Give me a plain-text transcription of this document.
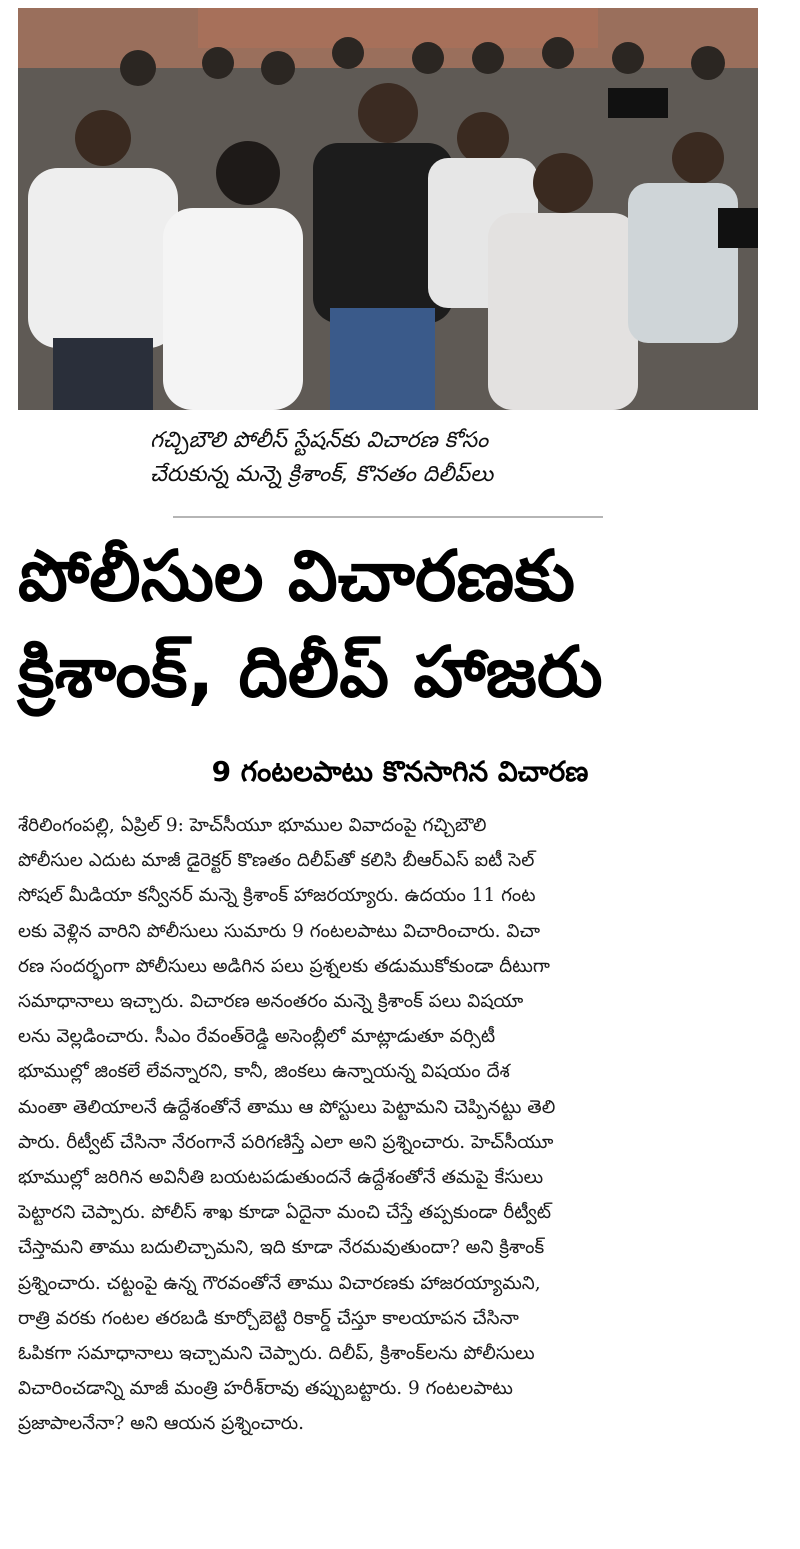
గచ్చిబౌలి పోలీస్ స్టేషన్‌కు విచారణ కోసం
చేరుకున్న మన్నె క్రిశాంక్, కొనతం దిలీప్‌లు
పోలీసుల విచారణకు
క్రిశాంక్, దిలీప్ హాజరు
9 గంటలపాటు కొనసాగిన విచారణ
శేరిలింగంపల్లి, ఏప్రిల్ 9: హెచ్‌సీయూ భూముల వివాదంపై గచ్చిబౌలి
పోలీసుల ఎదుట మాజీ డైరెక్టర్ కొణతం దిలీప్‌తో కలిసి బీఆర్‌ఎస్ ఐటీ సెల్
సోషల్ మీడియా కన్వీనర్ మన్నె క్రిశాంక్ హాజరయ్యారు. ఉదయం 11 గంట
లకు వెళ్లిన వారిని పోలీసులు సుమారు 9 గంటలపాటు విచారించారు. విచా
రణ సందర్భంగా పోలీసులు అడిగిన పలు ప్రశ్నలకు తడుముకోకుండా దీటుగా
సమాధానాలు ఇచ్చారు. విచారణ అనంతరం మన్నె క్రిశాంక్ పలు విషయా
లను వెల్లడించారు. సీఎం రేవంత్‌రెడ్డి అసెంబ్లీలో మాట్లాడుతూ వర్సిటీ
భూముల్లో జింకలే లేవన్నారని, కానీ, జింకలు ఉన్నాయన్న విషయం దేశ
మంతా తెలియాలనే ఉద్దేశంతోనే తాము ఆ పోస్టులు పెట్టామని చెప్పినట్టు తెలి
పారు. రీట్వీట్ చేసినా నేరంగానే పరిగణిస్తే ఎలా అని ప్రశ్నించారు. హెచ్‌సీయూ
భూముల్లో జరిగిన అవినీతి బయటపడుతుందనే ఉద్దేశంతోనే తమపై కేసులు
పెట్టారని చెప్పారు. పోలీస్ శాఖ కూడా ఏదైనా మంచి చేస్తే తప్పకుండా రీట్వీట్
చేస్తామని తాము బదులిచ్చామని, ఇది కూడా నేరమవుతుందా? అని క్రిశాంక్
ప్రశ్నించారు. చట్టంపై ఉన్న గౌరవంతోనే తాము విచారణకు హాజరయ్యామని,
రాత్రి వరకు గంటల తరబడి కూర్చోబెట్టి రికార్డ్ చేస్తూ కాలయాపన చేసినా
ఓపికగా సమాధానాలు ఇచ్చామని చెప్పారు. దిలీప్, క్రిశాంక్‌లను పోలీసులు
విచారించడాన్ని మాజీ మంత్రి హరీశ్‌రావు తప్పుబట్టారు. 9 గంటలపాటు
ప్రజాపాలనేనా? అని ఆయన ప్రశ్నించారు.
